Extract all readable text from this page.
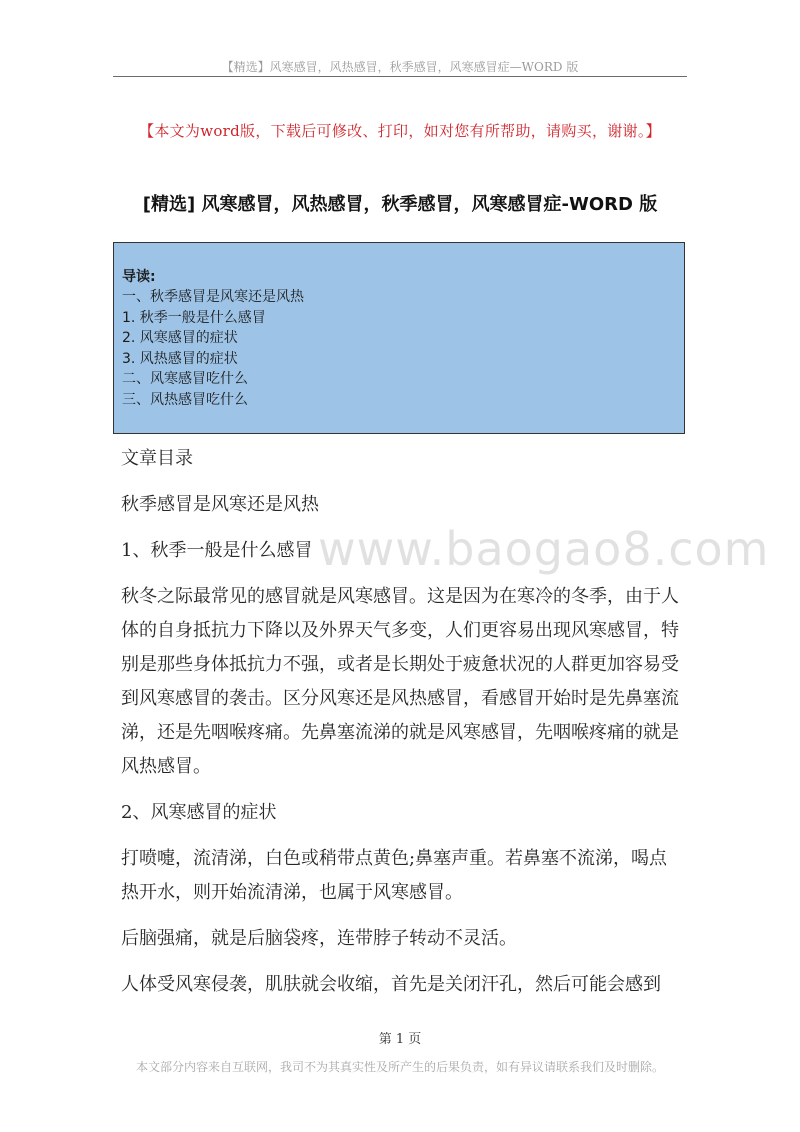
【精选】风寒感冒，风热感冒，秋季感冒，风寒感冒症—WORD 版
【本文为word版，下载后可修改、打印，如对您有所帮助，请购买，谢谢。】
[精选] 风寒感冒，风热感冒，秋季感冒，风寒感冒症-WORD 版
导读:
一、秋季感冒是风寒还是风热
1. 秋季一般是什么感冒
2. 风寒感冒的症状
3. 风热感冒的症状
二、风寒感冒吃什么
三、风热感冒吃什么

文章目录

秋季感冒是风寒还是风热

1、秋季一般是什么感冒

秋冬之际最常见的感冒就是风寒感冒。这是因为在寒冷的冬季，由于人体的自身抵抗力下降以及外界天气多变，人们更容易出现风寒感冒，特别是那些身体抵抗力不强，或者是长期处于疲惫状况的人群更加容易受到风寒感冒的袭击。区分风寒还是风热感冒，看感冒开始时是先鼻塞流涕，还是先咽喉疼痛。先鼻塞流涕的就是风寒感冒，先咽喉疼痛的就是风热感冒。

2、风寒感冒的症状

打喷嚏，流清涕，白色或稍带点黄色;鼻塞声重。若鼻塞不流涕，喝点热开水，则开始流清涕，也属于风寒感冒。

后脑强痛，就是后脑袋疼，连带脖子转动不灵活。

人体受风寒侵袭，肌肤就会收缩，首先是关闭汗孔，然后可能会感到

www.baogao8.com
第 1 页
本文部分内容来自互联网，我司不为其真实性及所产生的后果负责，如有异议请联系我们及时删除。
